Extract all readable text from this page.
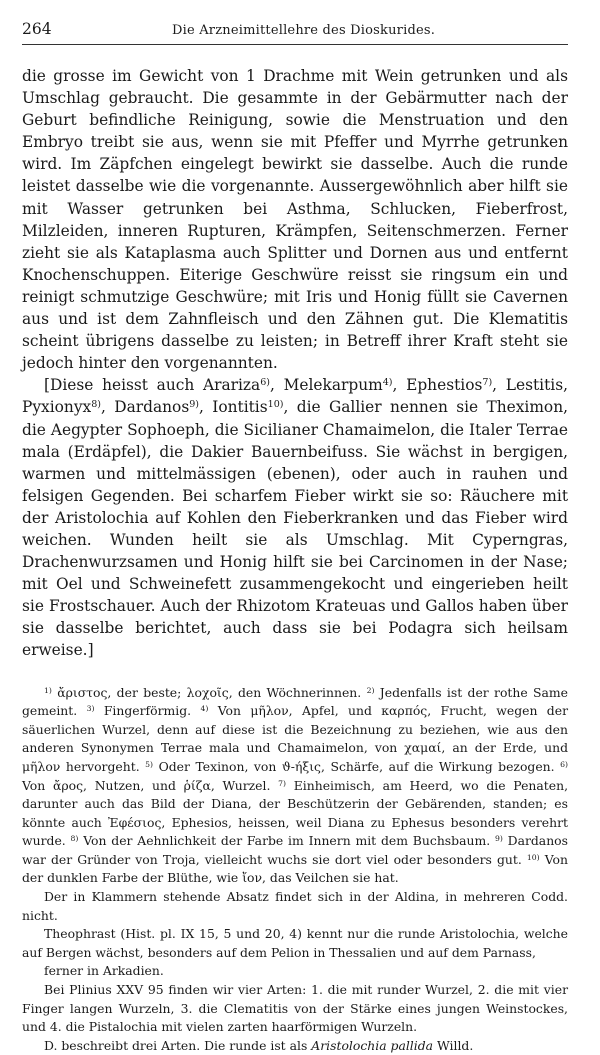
264	Die Arzneimittellehre des Dioskurides.

die grosse im Gewicht von 1 Drachme mit Wein getrunken und als Umschlag gebraucht. Die gesammte in der Gebärmutter nach der Geburt befindliche Reinigung, sowie die Menstruation und den Embryo treibt sie aus, wenn sie mit Pfeffer und Myrrhe getrunken wird. Im Zäpfchen eingelegt bewirkt sie dasselbe. Auch die runde leistet dasselbe wie die vorgenannte. Aussergewöhnlich aber hilft sie mit Wasser getrunken bei Asthma, Schlucken, Fieberfrost, Milzleiden, inneren Rupturen, Krämpfen, Seitenschmerzen. Ferner zieht sie als Kataplasma auch Splitter und Dornen aus und entfernt Knochenschuppen. Eiterige Geschwüre reisst sie ringsum ein und reinigt schmutzige Geschwüre; mit Iris und Honig füllt sie Cavernen aus und ist dem Zahnfleisch und den Zähnen gut. Die Klematitis scheint übrigens dasselbe zu leisten; in Betreff ihrer Kraft steht sie jedoch hinter den vorgenannten.

[Diese heisst auch Arariza$^{6)}$, Melekarpum$^{4)}$, Ephestios$^{7)}$, Lestitis, Pyxionyx$^{8)}$, Dardanos$^{9)}$, Iontitis$^{10)}$, die Gallier nennen sie Theximon, die Aegypter Sophoeph, die Sicilianer Chamaimelon, die Italer Terrae mala (Erdäpfel), die Dakier Bauernbeifuss. Sie wächst in bergigen, warmen und mittelmässigen (ebenen), oder auch in rauhen und felsigen Gegenden. Bei scharfem Fieber wirkt sie so: Räuchere mit der Aristolochia auf Kohlen den Fieberkranken und das Fieber wird weichen. Wunden heilt sie als Umschlag. Mit Cyperngras, Drachenwurzsamen und Honig hilft sie bei Carcinomen in der Nase; mit Oel und Schweinefett zusammengekocht und eingerieben heilt sie Frostschauer. Auch der Rhizotom Krateuas und Gallos haben über sie dasselbe berichtet, auch dass sie bei Podagra sich heilsam erweise.]

$^{1)}$ ἄριστος, der beste; λοχοῖς, den Wöchnerinnen. $^{2)}$ Jedenfalls ist der rothe Same gemeint. $^{3)}$ Fingerförmig. $^{4)}$ Von μῆλον, Apfel, und καρπός, Frucht, wegen der säuerlichen Wurzel, denn auf diese ist die Bezeichnung zu beziehen, wie aus den anderen Synonymen Terrae mala und Chamaimelon, von χαμαί, an der Erde, und μῆλον hervorgeht. $^{5)}$ Oder Texinon, von ϑ-ήξις, Schärfe, auf die Wirkung bezogen. $^{6)}$ Von ἄρος, Nutzen, und ῥίζα, Wurzel. $^{7)}$ Einheimisch, am Heerd, wo die Penaten, darunter auch das Bild der Diana, der Beschützerin der Gebärenden, standen; es könnte auch Ἐφέσιος, Ephesios, heissen, weil Diana zu Ephesus besonders verehrt wurde. $^{8)}$ Von der Aehnlichkeit der Farbe im Innern mit dem Buchsbaum. $^{9)}$ Dardanos war der Gründer von Troja, vielleicht wuchs sie dort viel oder besonders gut. $^{10)}$ Von der dunklen Farbe der Blüthe, wie ἴον, das Veilchen sie hat.

Der in Klammern stehende Absatz findet sich in der Aldina, in mehreren Codd. nicht.

Theophrast (Hist. pl. IX 15, 5 und 20, 4) kennt nur die runde Aristolochia, welche auf Bergen wächst, besonders auf dem Pelion in Thessalien und auf dem Parnass,

ferner in Arkadien.

Bei Plinius XXV 95 finden wir vier Arten: 1. die mit runder Wurzel, 2. die mit vier Finger langen Wurzeln, 3. die Clematitis von der Stärke eines jungen Weinstockes, und 4. die Pistalochia mit vielen zarten haarförmigen Wurzeln.

D. beschreibt drei Arten. Die runde ist als Aristolochia pallida Willd.
